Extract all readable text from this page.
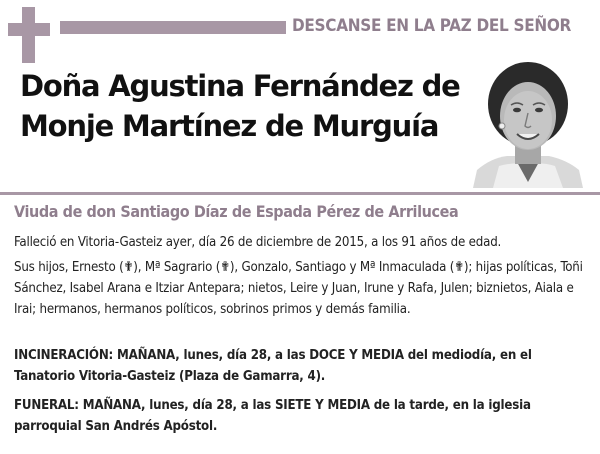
DESCANSE EN LA PAZ DEL SEÑOR
Doña Agustina Fernández de
Monje Martínez de Murguía
Viuda de don Santiago Díaz de Espada Pérez de Arrilucea
Falleció en Vitoria-Gasteiz ayer, día 26 de diciembre de 2015, a los 91 años de edad.
Sus hijos, Ernesto (✟), Mª Sagrario (✟), Gonzalo, Santiago y Mª Inmaculada (✟); hijas políticas, Toñi Sánchez, Isabel Arana e Itziar Antepara; nietos, Leire y Juan, Irune y Rafa, Julen; biznietos, Aiala e Irai; hermanos, hermanos políticos, sobrinos primos y demás familia.
INCINERACIÓN: MAÑANA, lunes, día 28, a las DOCE Y MEDIA del mediodía, en el Tanatorio Vitoria-Gasteiz (Plaza de Gamarra, 4).
FUNERAL: MAÑANA, lunes, día 28, a las SIETE Y MEDIA de la tarde, en la iglesia parroquial San Andrés Apóstol.
